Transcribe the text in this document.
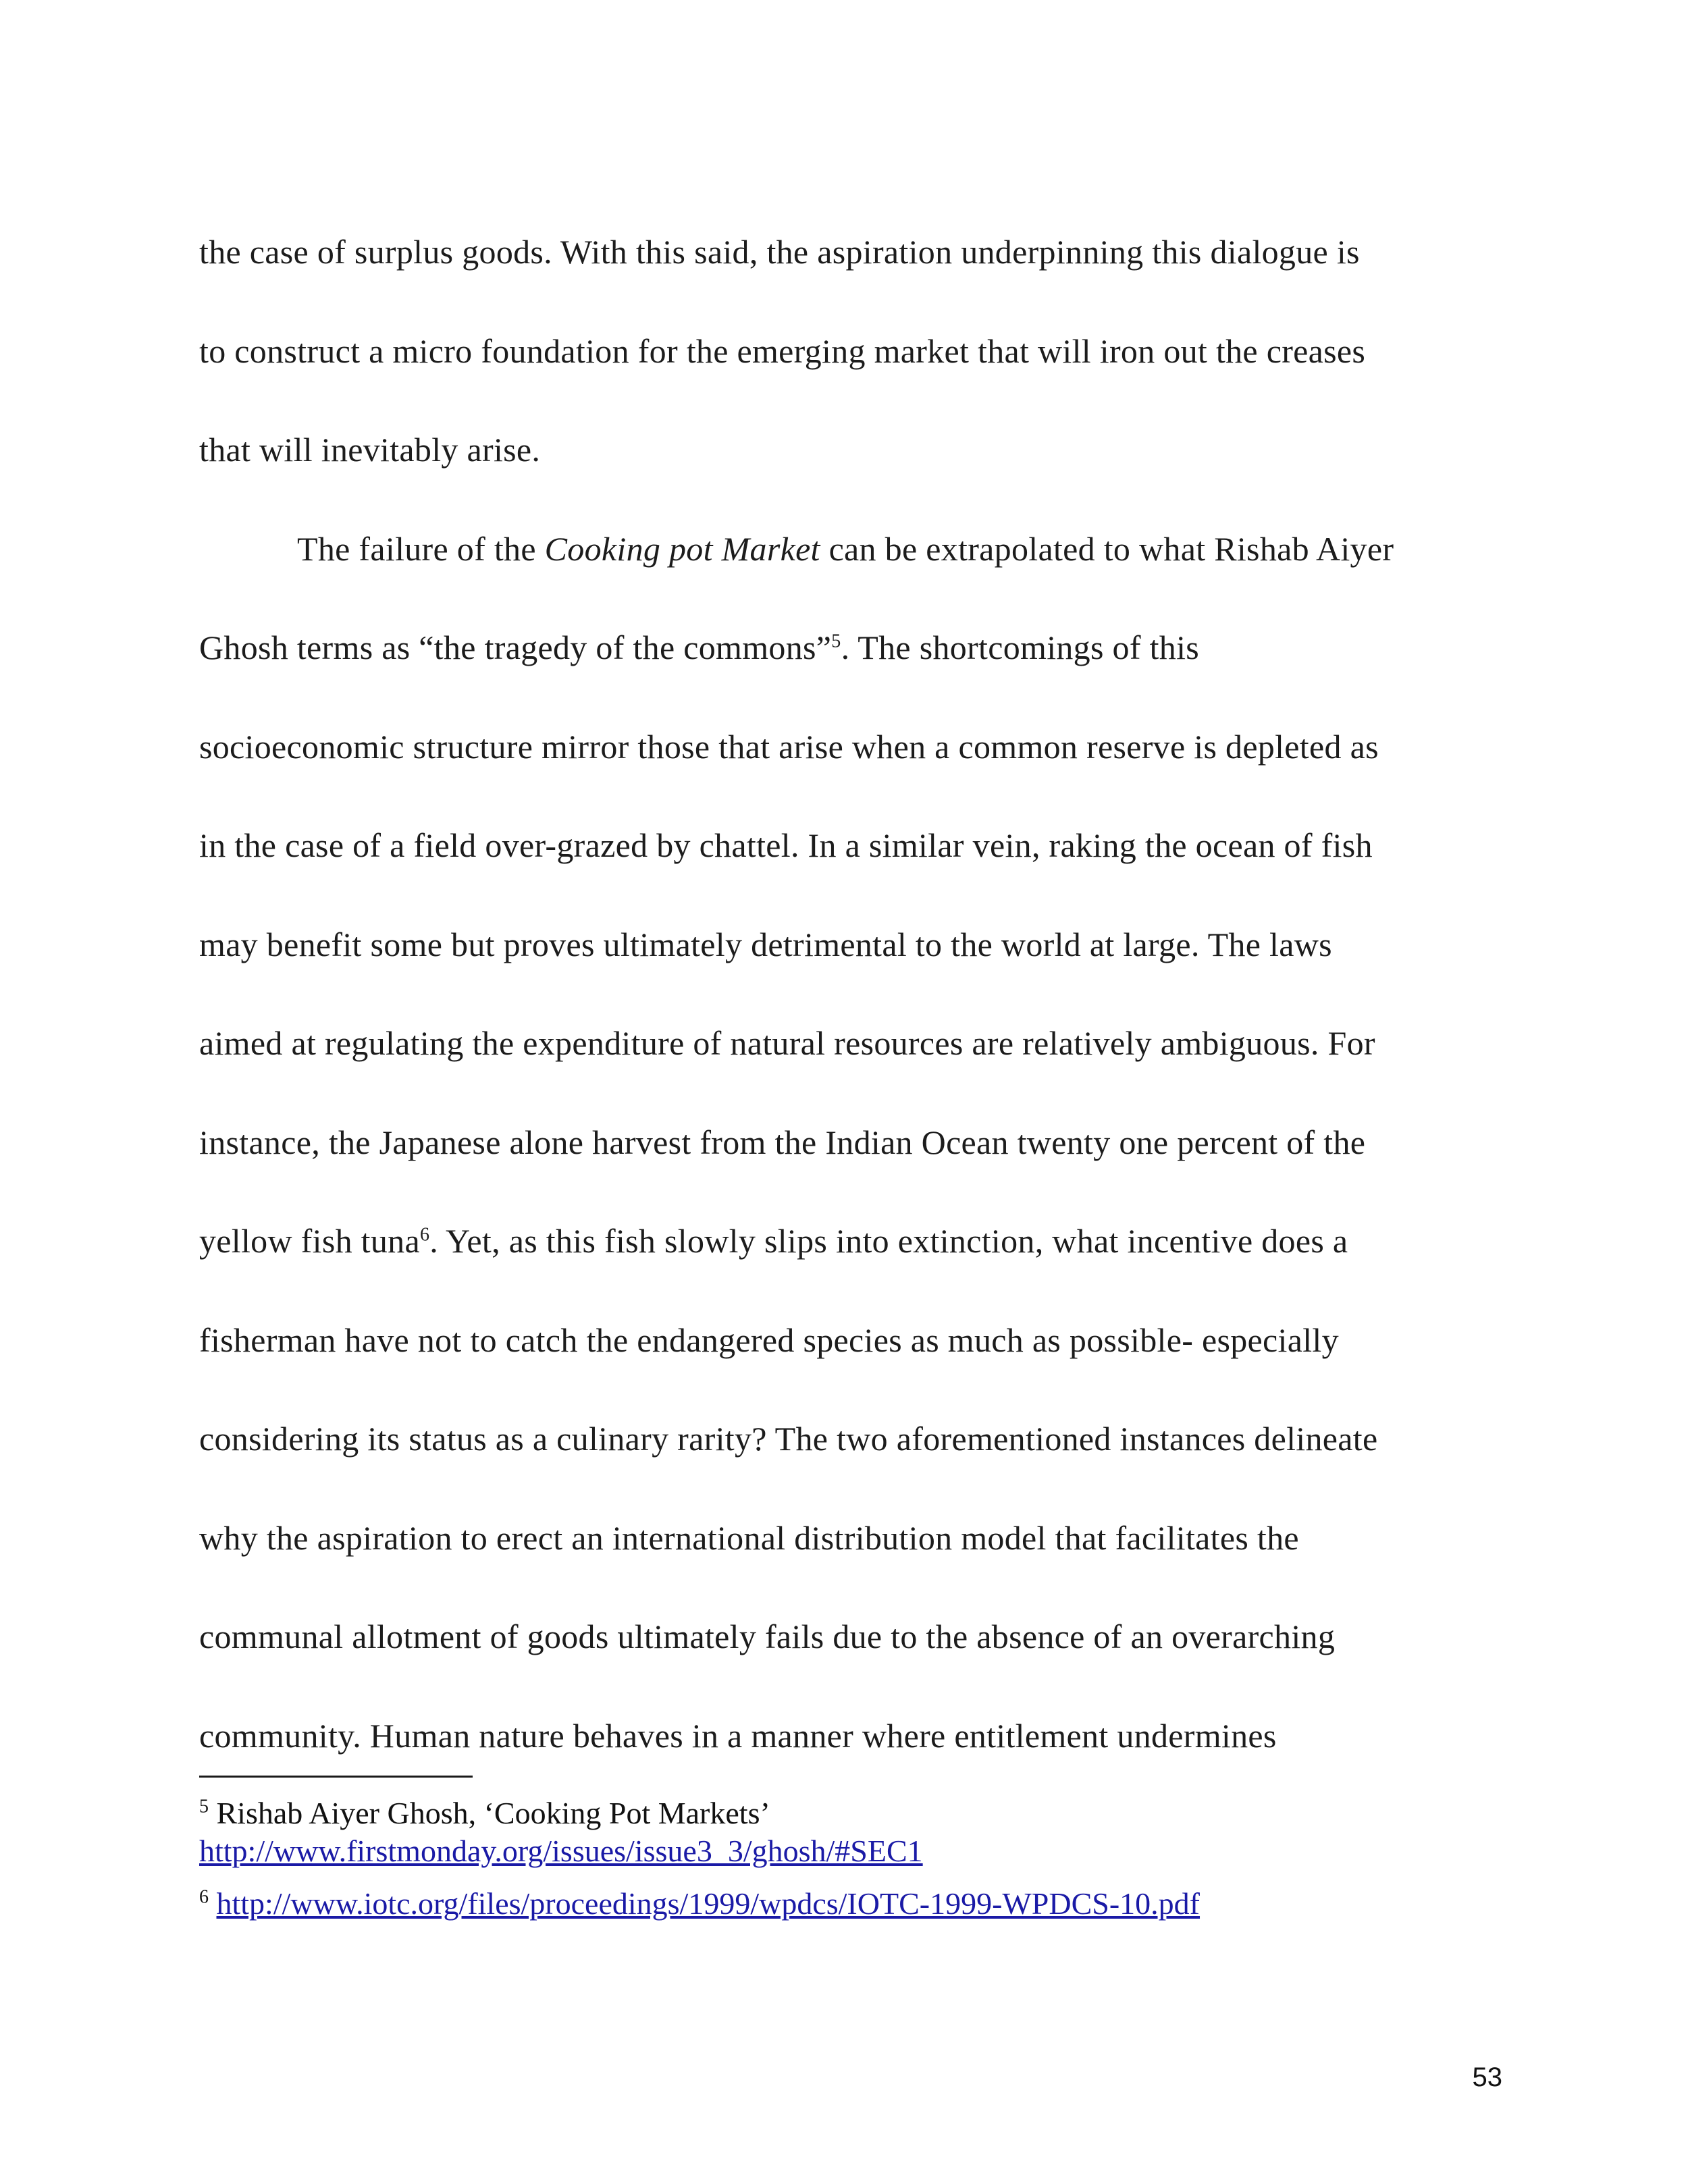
the case of surplus goods. With this said, the aspiration underpinning this dialogue is
to construct a micro foundation for the emerging market that will iron out the creases
that will inevitably arise.
The failure of the Cooking pot Market can be extrapolated to what Rishab Aiyer
Ghosh terms as “the tragedy of the commons”$^5$. The shortcomings of this
socioeconomic structure mirror those that arise when a common reserve is depleted as
in the case of a field over-grazed by chattel. In a similar vein, raking the ocean of fish
may benefit some but proves ultimately detrimental to the world at large. The laws
aimed at regulating the expenditure of natural resources are relatively ambiguous. For
instance, the Japanese alone harvest from the Indian Ocean twenty one percent of the
yellow fish tuna$^6$. Yet, as this fish slowly slips into extinction, what incentive does a
fisherman have not to catch the endangered species as much as possible- especially
considering its status as a culinary rarity? The two aforementioned instances delineate
why the aspiration to erect an international distribution model that facilitates the
communal allotment of goods ultimately fails due to the absence of an overarching
community. Human nature behaves in a manner where entitlement undermines
$^5$ Rishab Aiyer Ghosh, ‘Cooking Pot Markets’
http://www.firstmonday.org/issues/issue3_3/ghosh/#SEC1
$^6$ http://www.iotc.org/files/proceedings/1999/wpdcs/IOTC-1999-WPDCS-10.pdf
53
